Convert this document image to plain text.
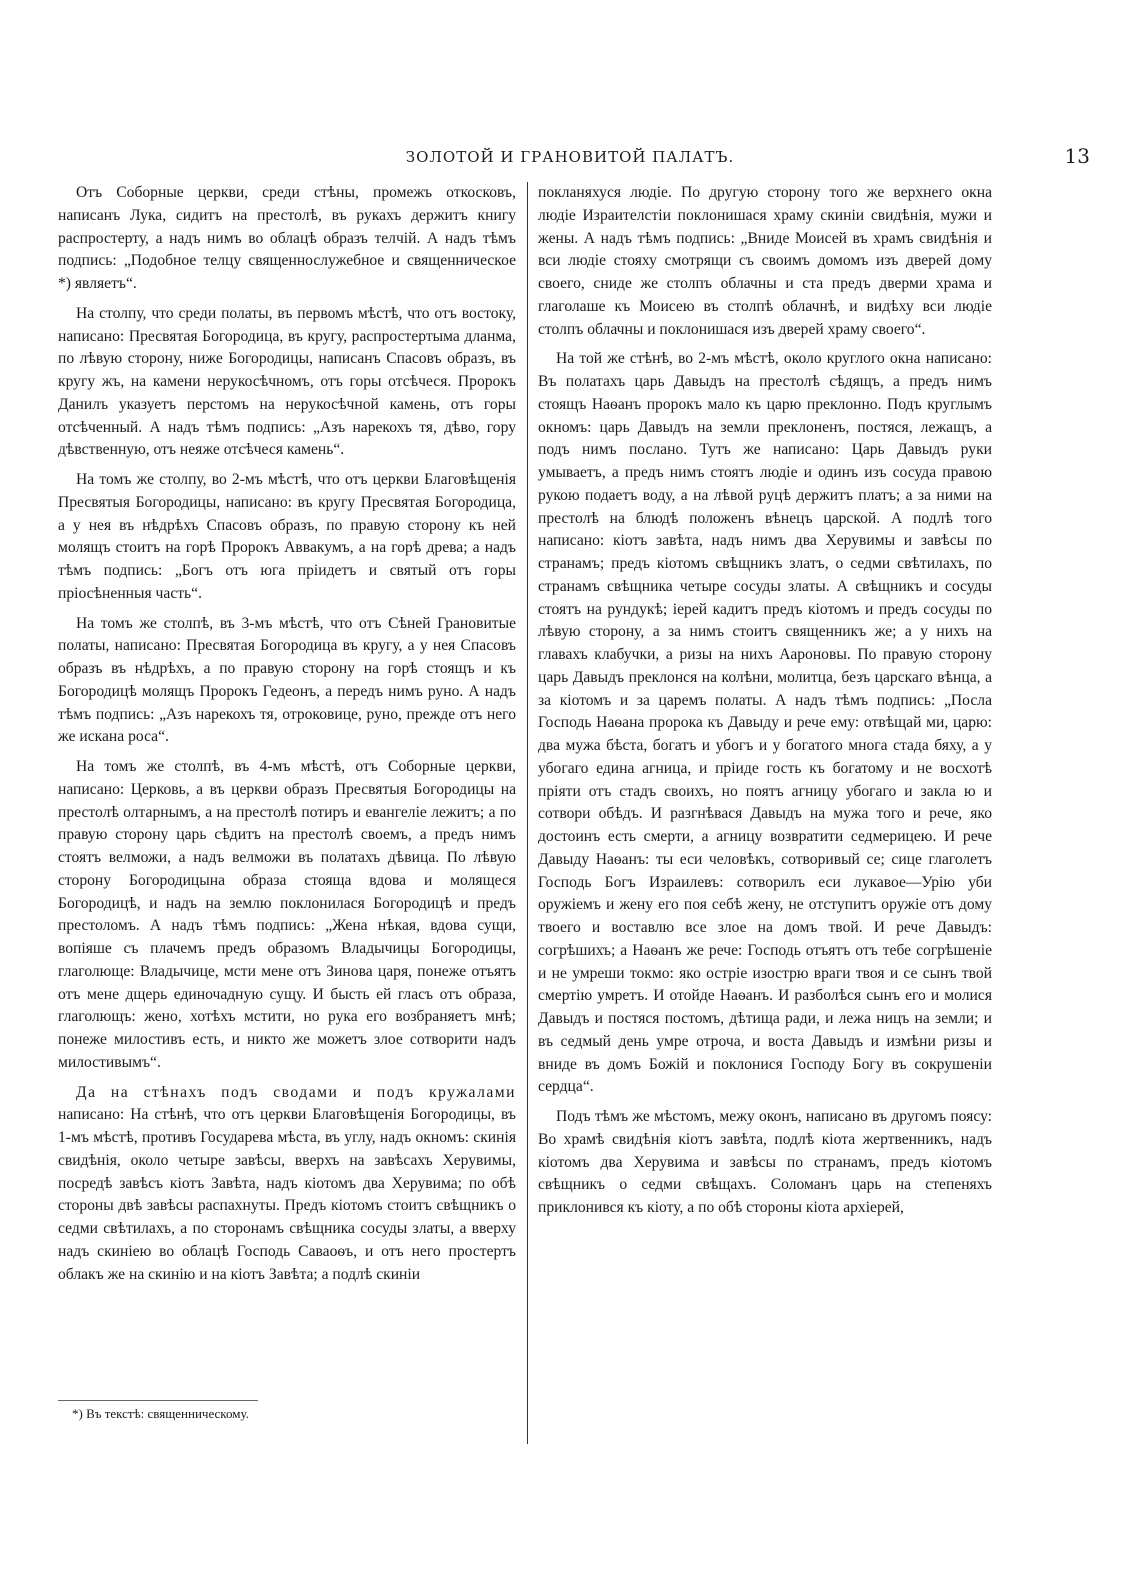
ЗОЛОТОЙ И ГРАНОВИТОЙ ПАЛАТЪ.	13

Отъ Соборные церкви, среди стѣны, промежъ откосковъ, написанъ Лука, сидитъ на престолѣ, въ рукахъ держитъ книгу распростерту, а надъ нимъ во облацѣ образъ телчій. А надъ тѣмъ подпись: „Подобное телцу священнослужебное и священническое *) являетъ“.

На столпу, что среди полаты, въ первомъ мѣстѣ, что отъ востоку, написано: Пресвятая Богородица, въ кругу, распростертыма дланма, по лѣвую сторону, ниже Богородицы, написанъ Спасовъ образъ, въ кругу жъ, на камени нерукосѣчномъ, отъ горы отсѣчеся. Пророкъ Данилъ указуетъ перстомъ на нерукосѣчной камень, отъ горы отсѣченный. А надъ тѣмъ подпись: „Азъ нарекохъ тя, дѣво, гору дѣвственную, отъ неяже отсѣчеся камень“.

На томъ же столпу, во 2-мъ мѣстѣ, что отъ церкви Благовѣщенія Пресвятыя Богородицы, написано: въ кругу Пресвятая Богородица, а у нея въ нѣдрѣхъ Спасовъ образъ, по правую сторону къ ней молящъ стоитъ на горѣ Пророкъ Аввакумъ, а на горѣ древа; а надъ тѣмъ подпись: „Богъ отъ юга пріидетъ и святый отъ горы пріосѣненныя часть“.

На томъ же столпѣ, въ 3-мъ мѣстѣ, что отъ Сѣней Грановитые полаты, написано: Пресвятая Богородица въ кругу, а у нея Спасовъ образъ въ нѣдрѣхъ, а по правую сторону на горѣ стоящъ и къ Богородицѣ молящъ Пророкъ Гедеонъ, а передъ нимъ руно. А надъ тѣмъ подпись: „Азъ нарекохъ тя, отроковице, руно, прежде отъ него же искана роса“.

На томъ же столпѣ, въ 4-мъ мѣстѣ, отъ Соборные церкви, написано: Церковь, а въ церкви образъ Пресвятыя Богородицы на престолѣ олтарнымъ, а на престолѣ потиръ и евангеліе лежитъ; а по правую сторону царь сѣдитъ на престолѣ своемъ, а предъ нимъ стоятъ велможи, а надъ велможи въ полатахъ дѣвица. По лѣвую сторону Богородицына образа стояща вдова и молящеся Богородицѣ, и надъ на землю поклонилася Богородицѣ и предъ престоломъ. А надъ тѣмъ подпись: „Жена нѣкая, вдова сущи, вопіяше съ плачемъ предъ образомъ Владычицы Богородицы, глаголюще: Владычице, мсти мене отъ Зинова царя, понеже отъятъ отъ мене дщерь единочадную сущу. И бысть ей гласъ отъ образа, глаголющъ: жено, хотѣхъ мстити, но рука его возбраняетъ мнѣ; понеже милостивъ есть, и никто же можетъ злое сотворити надъ милостивымъ“.

Да на стѣнахъ подъ сводами и подъ кружалами написано: На стѣнѣ, что отъ церкви Благовѣщенія Богородицы, въ 1-мъ мѣстѣ, противъ Государева мѣста, въ углу, надъ окномъ: скинія свидѣнія, около четыре завѣсы, вверхъ на завѣсахъ Херувимы, посредѣ завѣсъ кіотъ Завѣта, надъ кіотомъ два Херувима; по обѣ стороны двѣ завѣсы распахнуты. Предъ кіотомъ стоитъ свѣщникъ о седми свѣтилахъ, а по сторонамъ свѣщника сосуды златы, а вверху надъ скиніею во облацѣ Господь Саваоѳъ, и отъ него простертъ облакъ же на скинію и на кіотъ Завѣта; а подлѣ скиніи

покланяхуся людіе. По другую сторону того же верхнего окна людіе Израителстіи поклонишася храму скиніи свидѣнія, мужи и жены. А надъ тѣмъ подпись: „Вниде Моисей въ храмъ свидѣнія и вси людіе стояху смотрящи съ своимъ домомъ изъ дверей дому своего, сниде же столпъ облачны и ста предъ дверми храма и глаголаше къ Моисею въ столпѣ облачнѣ, и видѣху вси людіе столпъ облачны и поклонишася изъ дверей храму своего“.

На той же стѣнѣ, во 2-мъ мѣстѣ, около круглого окна написано: Въ полатахъ царь Давыдъ на престолѣ сѣдящъ, а предъ нимъ стоящъ Наѳанъ пророкъ мало къ царю преклонно. Подъ круглымъ окномъ: царь Давыдъ на земли преклоненъ, постяся, лежащъ, а подъ нимъ послано. Тутъ же написано: Царь Давыдъ руки умываетъ, а предъ нимъ стоятъ людіе и одинъ изъ сосуда правою рукою подаетъ воду, а на лѣвой руцѣ держитъ платъ; а за ними на престолѣ на блюдѣ положенъ вѣнецъ царской. А подлѣ того написано: кіотъ завѣта, надъ нимъ два Херувимы и завѣсы по странамъ; предъ кіотомъ свѣщникъ златъ, о седми свѣтилахъ, по странамъ свѣщника четыре сосуды златы. А свѣщникъ и сосуды стоятъ на рундукѣ; іерей кадитъ предъ кіотомъ и предъ сосуды по лѣвую сторону, а за нимъ стоитъ священникъ же; а у нихъ на главахъ клабучки, а ризы на нихъ Аароновы. По правую сторону царь Давыдъ преклонся на колѣни, молитца, безъ царскаго вѣнца, а за кіотомъ и за царемъ полаты. А надъ тѣмъ подпись: „Посла Господь Наѳана пророка къ Давыду и рече ему: отвѣщай ми, царю: два мужа бѣста, богатъ и убогъ и у богатого многа стада бяху, а у убогаго едина агница, и пріиде гость къ богатому и не восхотѣ пріяти отъ стадъ своихъ, но поятъ агницу убогаго и закла ю и сотвори обѣдъ. И разгнѣвася Давыдъ на мужа того и рече, яко достоинъ есть смерти, а агницу возвратити седмерицею. И рече Давыду Наѳанъ: ты еси человѣкъ, сотворивый се; сице глаголетъ Господь Богъ Израилевъ: сотворилъ еси лукавое—Урію уби оружіемъ и жену его поя себѣ жену, не отступитъ оружіе отъ дому твоего и воставлю все злое на домъ твой. И рече Давыдъ: согрѣшихъ; а Наѳанъ же рече: Господь отъятъ отъ тебе согрѣшеніе и не умреши токмо: яко остріе изострю враги твоя и се сынъ твой смертію умретъ. И отойде Наѳанъ. И разболѣся сынъ его и молися Давыдъ и постяся постомъ, дѣтища ради, и лежа ницъ на земли; и въ седмый день умре отроча, и воста Давыдъ и измѣни ризы и вниде въ домъ Божій и поклонися Господу Богу въ сокрушеніи сердца“.

Подъ тѣмъ же мѣстомъ, межу оконъ, написано въ другомъ поясу: Во храмѣ свидѣнія кіотъ завѣта, подлѣ кіота жертвенникъ, надъ кіотомъ два Херувима и завѣсы по странамъ, предъ кіотомъ свѣщникъ о седми свѣщахъ. Соломанъ царь на степеняхъ приклонився къ кіоту, а по обѣ стороны кіота архіерей,

*) Въ текстѣ: священническому.
